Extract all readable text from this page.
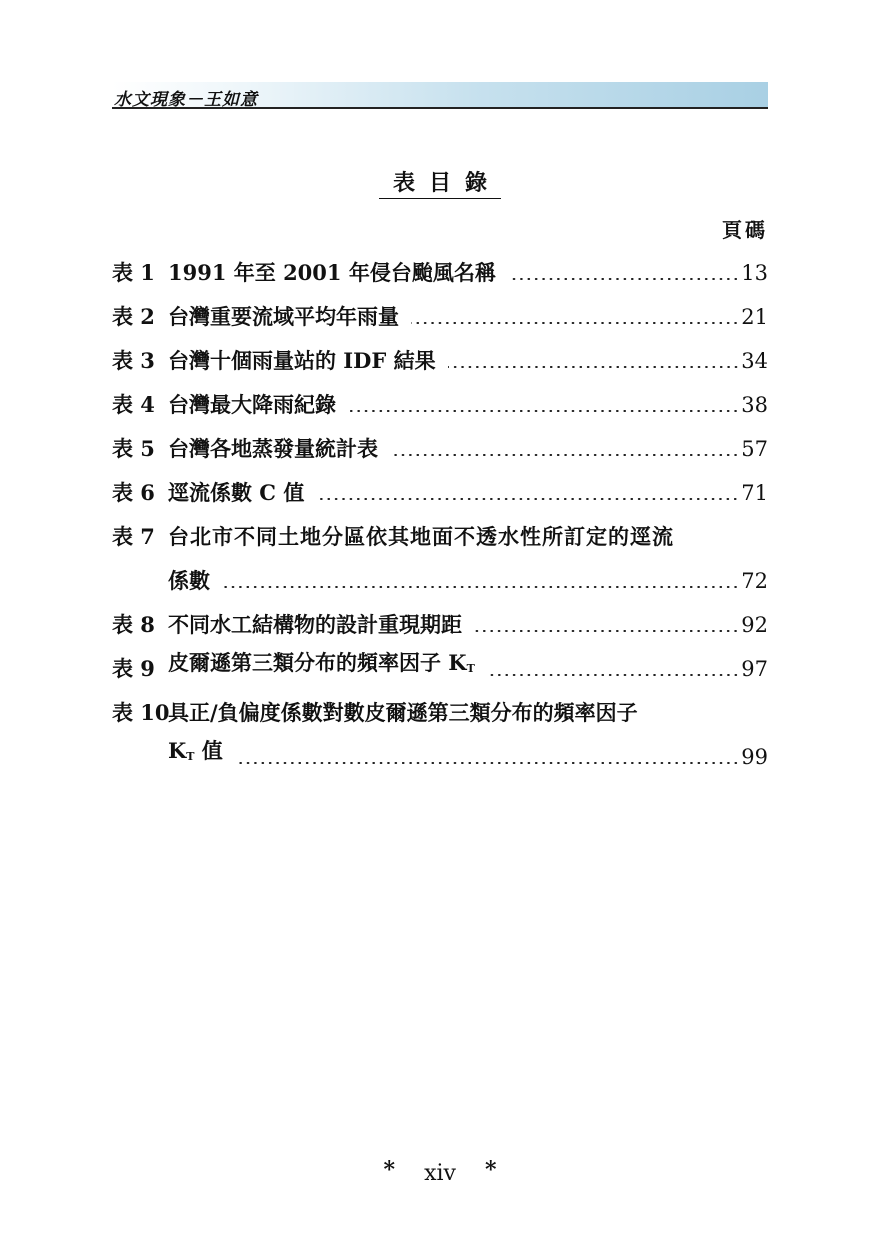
水文現象－王如意
表目錄
頁碼
表 1 1991 年至 2001 年侵台颱風名稱	13
表 2 台灣重要流域平均年雨量	21
表 3 台灣十個雨量站的 IDF 結果	34
表 4 台灣最大降雨紀錄	38
表 5 台灣各地蒸發量統計表	57
表 6 逕流係數 C 值	71
表 7 台北市不同土地分區依其地面不透水性所訂定的逕流
係數	72
表 8 不同水工結構物的設計重現期距	92
表 9 皮爾遜第三類分布的頻率因子 $K_T$	97
表 10
具正/負偏度係數對數皮爾遜第三類分布的頻率因子
$K_T$ 值	99
* xiv *
